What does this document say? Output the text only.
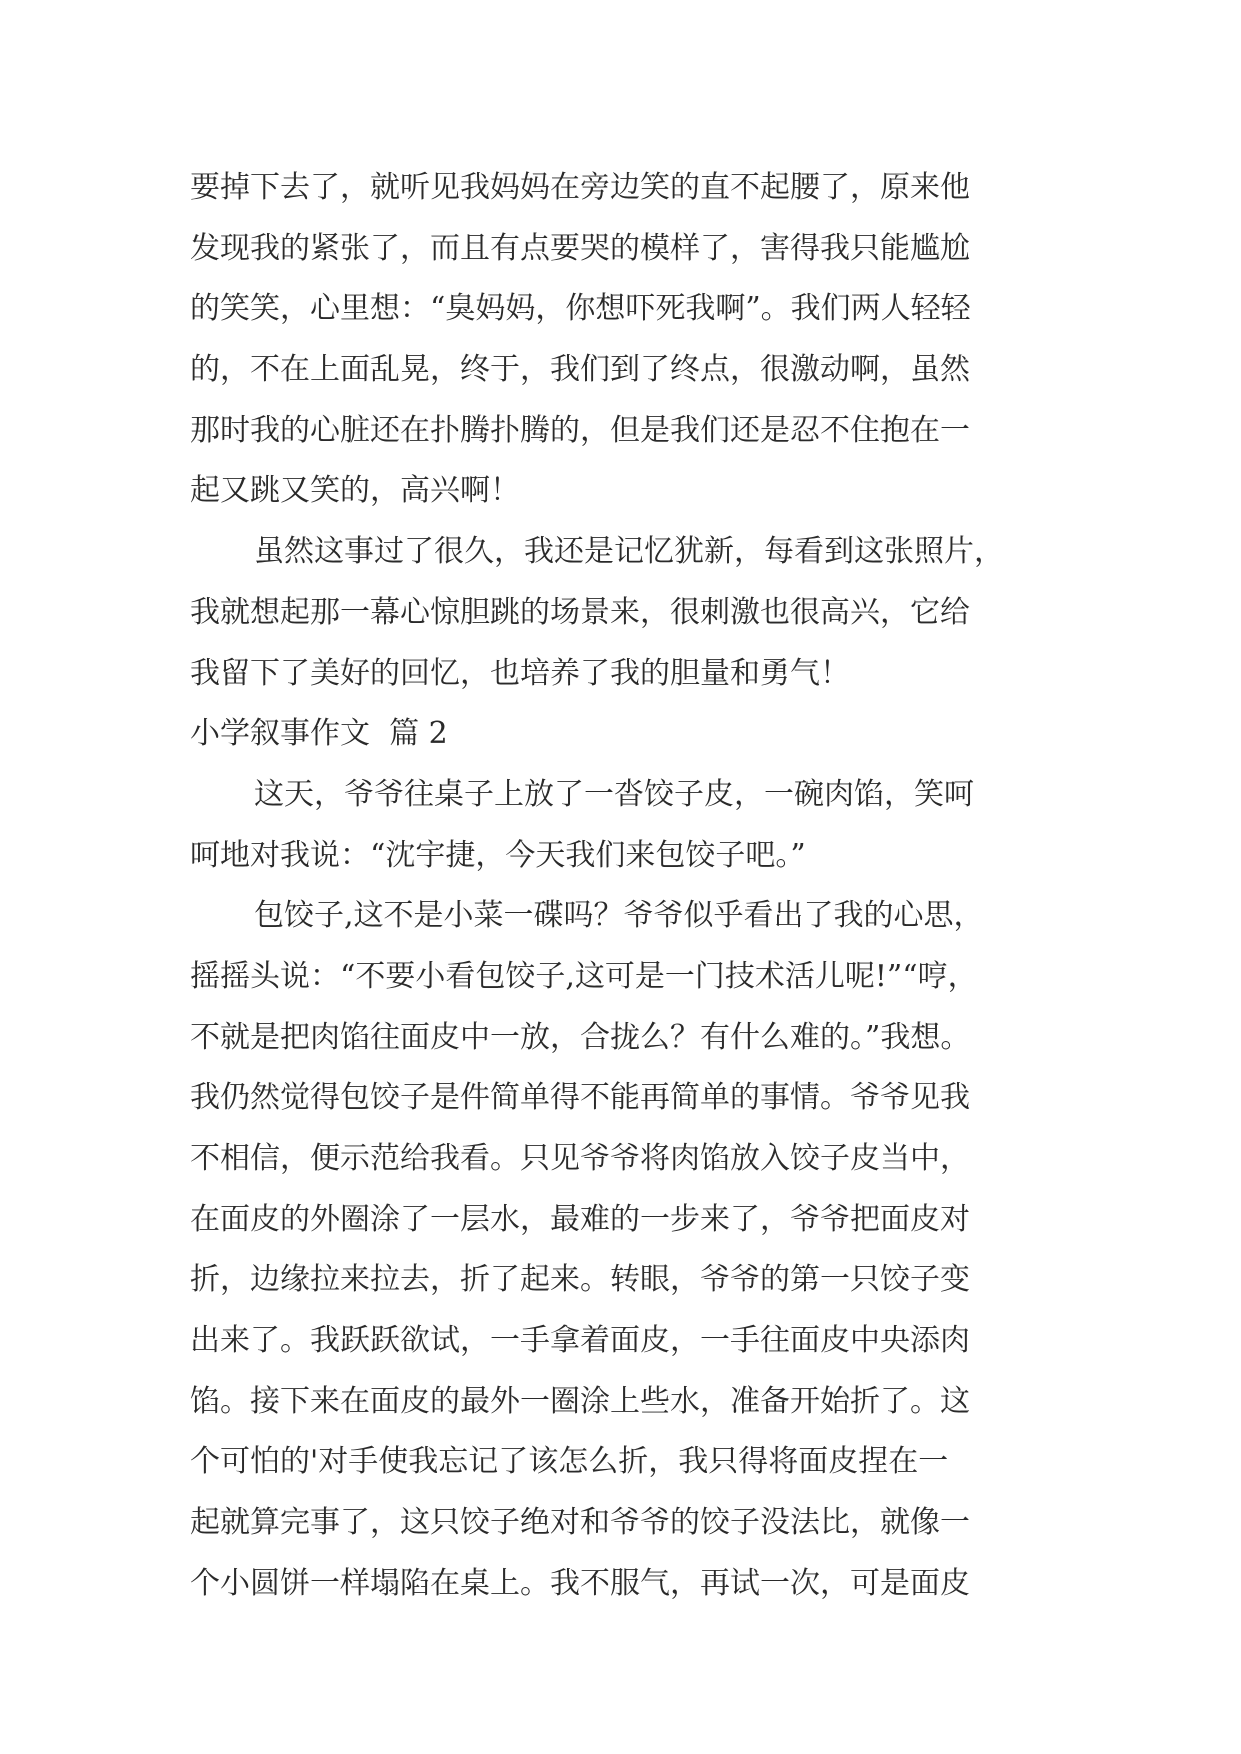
要掉下去了，就听见我妈妈在旁边笑的直不起腰了，原来他
发现我的紧张了，而且有点要哭的模样了，害得我只能尴尬
的笑笑，心里想：“臭妈妈，你想吓死我啊”。我们两人轻轻
的，不在上面乱晃，终于，我们到了终点，很激动啊，虽然
那时我的心脏还在扑腾扑腾的，但是我们还是忍不住抱在一
起又跳又笑的，高兴啊！
虽然这事过了很久，我还是记忆犹新，每看到这张照片，
我就想起那一幕心惊胆跳的场景来，很刺激也很高兴，它给
我留下了美好的回忆，也培养了我的胆量和勇气！
小学叙事作文  篇 2
这天，爷爷往桌子上放了一沓饺子皮，一碗肉馅，笑呵
呵地对我说：“沈宇捷，今天我们来包饺子吧。”
包饺子,这不是小菜一碟吗？爷爷似乎看出了我的心思，
摇摇头说：“不要小看包饺子,这可是一门技术活儿呢!”“哼，
不就是把肉馅往面皮中一放，合拢么？有什么难的。”我想。
我仍然觉得包饺子是件简单得不能再简单的事情。爷爷见我
不相信，便示范给我看。只见爷爷将肉馅放入饺子皮当中，
在面皮的外圈涂了一层水，最难的一步来了，爷爷把面皮对
折，边缘拉来拉去，折了起来。转眼，爷爷的第一只饺子变
出来了。我跃跃欲试，一手拿着面皮，一手往面皮中央添肉
馅。接下来在面皮的最外一圈涂上些水，准备开始折了。这
个可怕的'对手使我忘记了该怎么折，我只得将面皮捏在一
起就算完事了，这只饺子绝对和爷爷的饺子没法比，就像一
个小圆饼一样塌陷在桌上。我不服气，再试一次，可是面皮
